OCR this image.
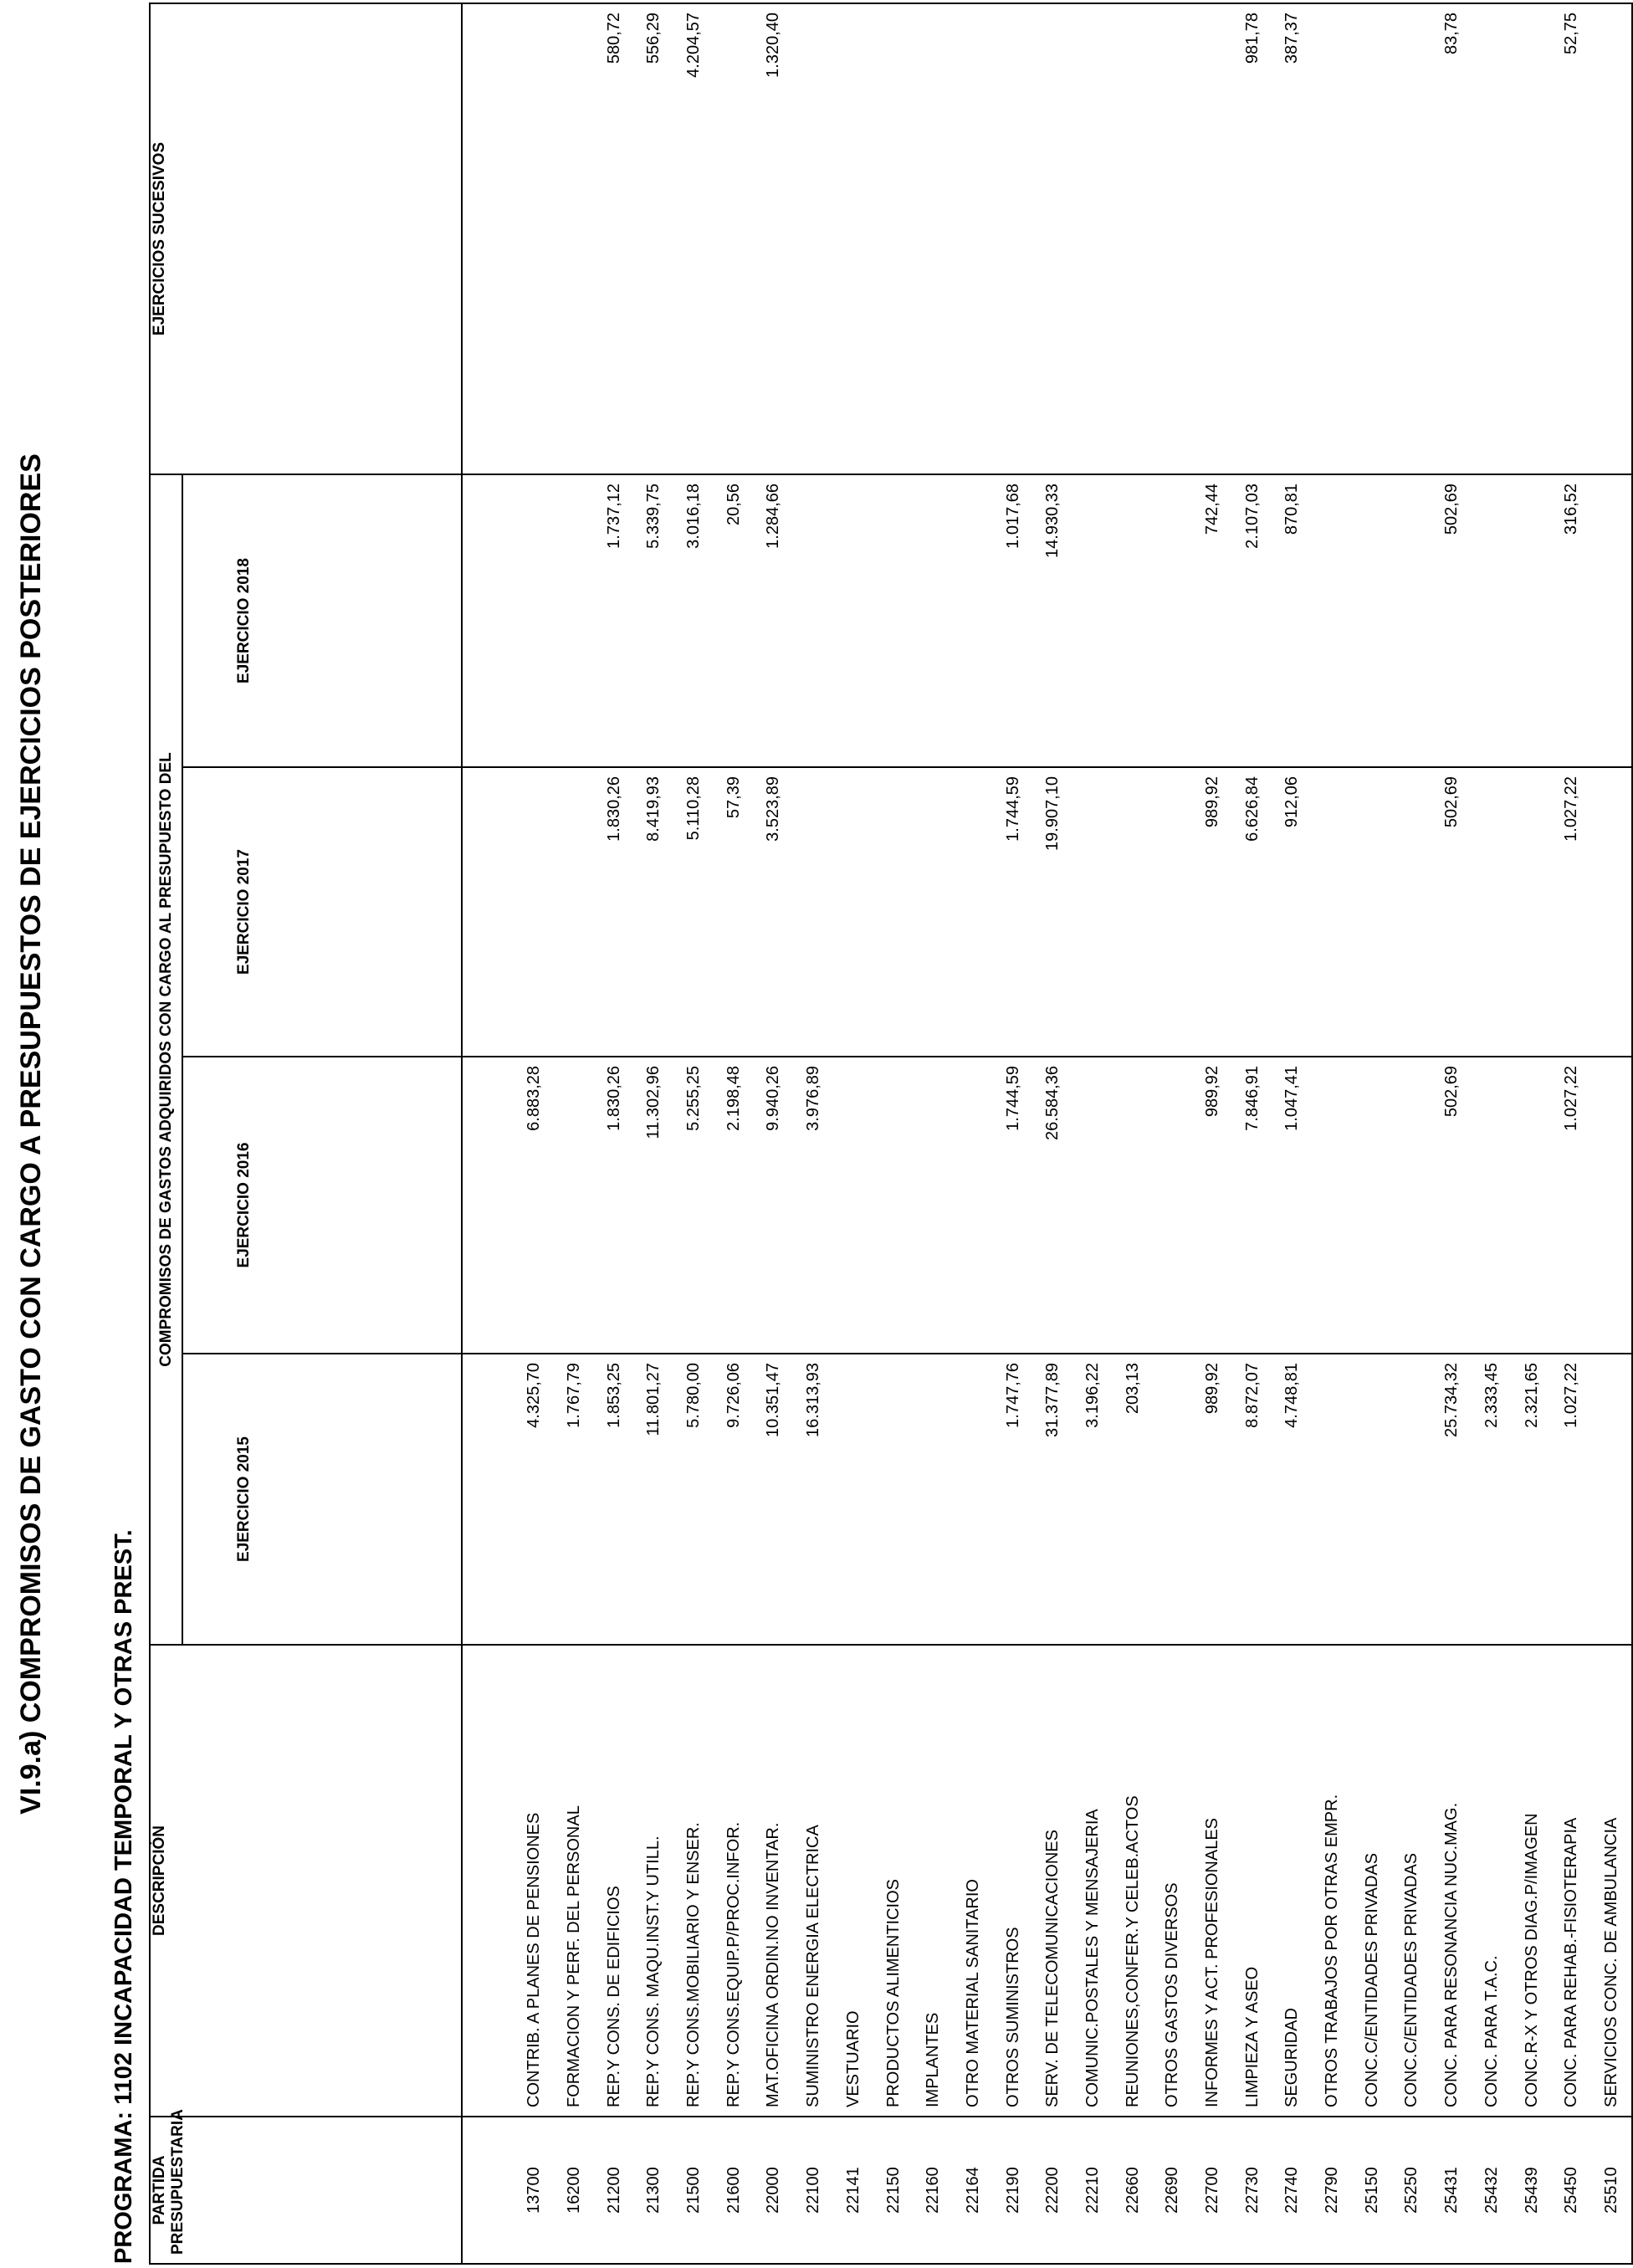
VI.9.a) COMPROMISOS DE GASTO CON CARGO A PRESUPUESTOS DE EJERCICIOS POSTERIORES
PROGRAMA: 1102 INCAPACIDAD TEMPORAL Y OTRAS PREST. PARTIDA
PRESUPUESTARIA	DESCRIPCIÓN	COMPROMISOS DE GASTOS ADQUIRIDOS CON CARGO AL PRESUPUESTO DEL				EJERCICIOS SUCESIVOS
		EJERCICIO 2015	EJERCICIO 2016	EJERCICIO 2017	EJERCICIO 2018	

13700	CONTRIB. A PLANES DE PENSIONES	4.325,70	6.883,28			
16200	FORMACION Y PERF. DEL PERSONAL	1.767,79				
21200	REP.Y CONS. DE EDIFICIOS	1.853,25	1.830,26	1.830,26	1.737,12	580,72
21300	REP.Y CONS. MAQU.INST.Y UTILL.	11.801,27	11.302,96	8.419,93	5.339,75	556,29
21500	REP.Y CONS.MOBILIARIO Y ENSER.	5.780,00	5.255,25	5.110,28	3.016,18	4.204,57
21600	REP.Y CONS.EQUIP.P/PROC.INFOR.	9.726,06	2.198,48	57,39	20,56	
22000	MAT.OFICINA ORDIN.NO INVENTAR.	10.351,47	9.940,26	3.523,89	1.284,66	1.320,40
22100	SUMINISTRO ENERGIA ELECTRICA	16.313,93	3.976,89			
22141	VESTUARIO					
22150	PRODUCTOS ALIMENTICIOS					
22160	IMPLANTES					
22164	OTRO MATERIAL SANITARIO					
22190	OTROS SUMINISTROS	1.747,76	1.744,59	1.744,59	1.017,68	
22200	SERV. DE TELECOMUNICACIONES	31.377,89	26.584,36	19.907,10	14.930,33	
22210	COMUNIC.POSTALES Y MENSAJERIA	3.196,22				
22660	REUNIONES,CONFER.Y CELEB.ACTOS	203,13				
22690	OTROS GASTOS DIVERSOS					
22700	INFORMES Y ACT. PROFESIONALES	989,92	989,92	989,92	742,44	
22730	LIMPIEZA Y ASEO	8.872,07	7.846,91	6.626,84	2.107,03	981,78
22740	SEGURIDAD	4.748,81	1.047,41	912,06	870,81	387,37
22790	OTROS TRABAJOS POR OTRAS EMPR.					
25150	CONC.C/ENTIDADES PRIVADAS					
25250	CONC.C/ENTIDADES PRIVADAS					
25431	CONC. PARA RESONANCIA NUC.MAG.	25.734,32	502,69	502,69	502,69	83,78
25432	CONC. PARA T.A.C.	2.333,45				
25439	CONC.R-X Y OTROS DIAG.P/IMAGEN	2.321,65				
25450	CONC. PARA REHAB.-FISIOTERAPIA	1.027,22	1.027,22	1.027,22	316,52	52,75
25510	SERVICIOS CONC. DE AMBULANCIA					
